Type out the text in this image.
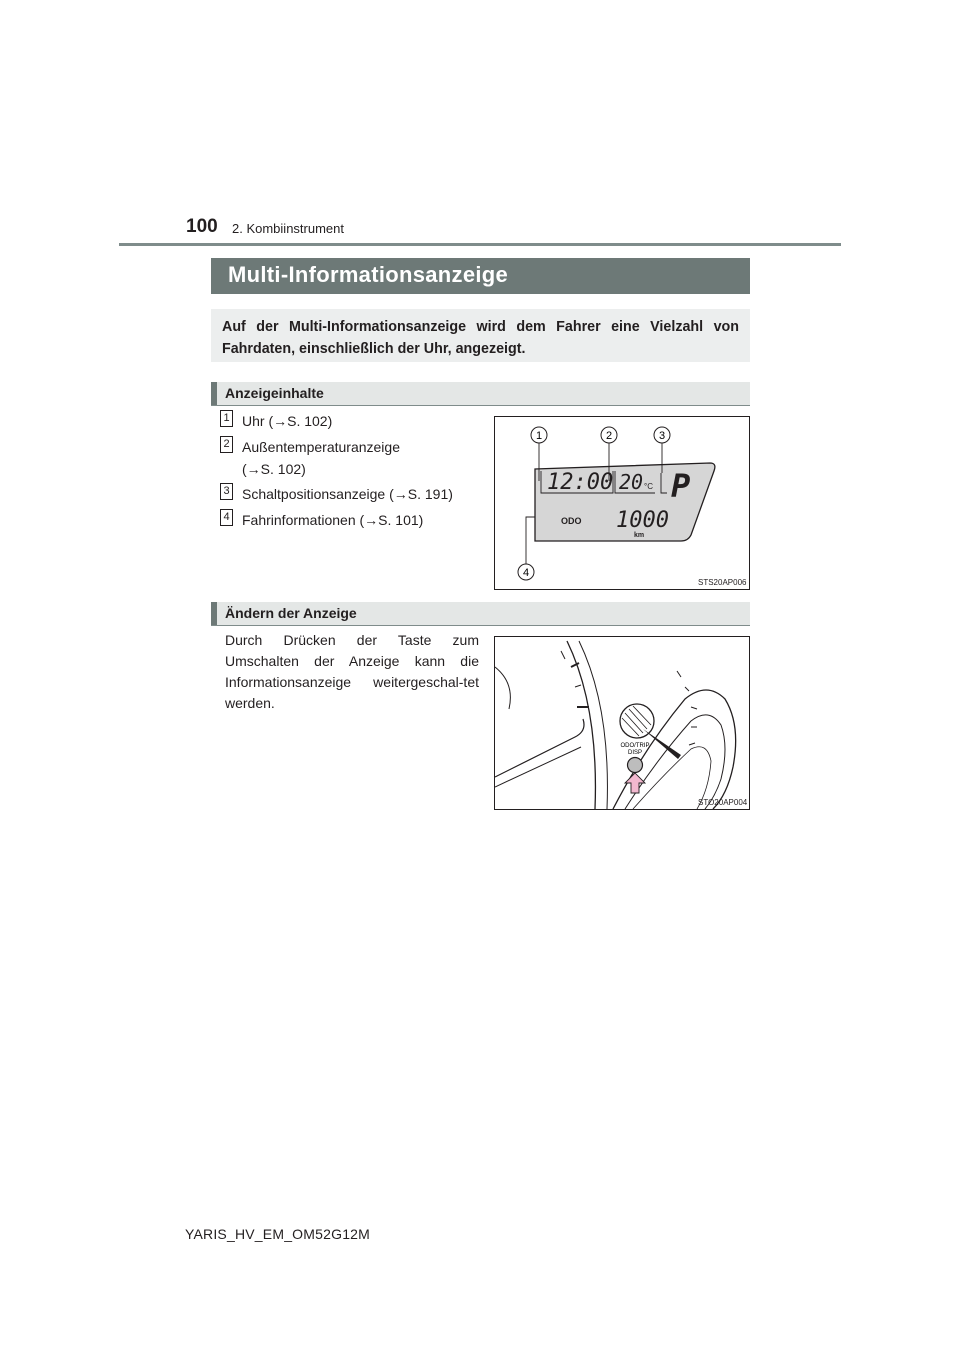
100 2. Kombiinstrument
Multi-Informationsanzeige
Auf der Multi-Informationsanzeige wird dem Fahrer eine Vielzahl von Fahrdaten, einschließlich der Uhr, angezeigt.
Anzeigeinhalte
1 Uhr (→S. 102)
2 Außentemperaturanzeige
(→S. 102)
3 Schaltpositionsanzeige (→S. 191)
4 Fahrinformationen (→S. 101)
1	2	3
4
12:00 20 °C P
ODO 1000
km
STS20AP006
Ändern der Anzeige
Durch Drücken der Taste zum Umschalten der Anzeige kann die Informationsanzeige weitergeschal-tet werden.
ODO/TRIP
DISP
STO20AP004
YARIS_HV_EM_OM52G12M
